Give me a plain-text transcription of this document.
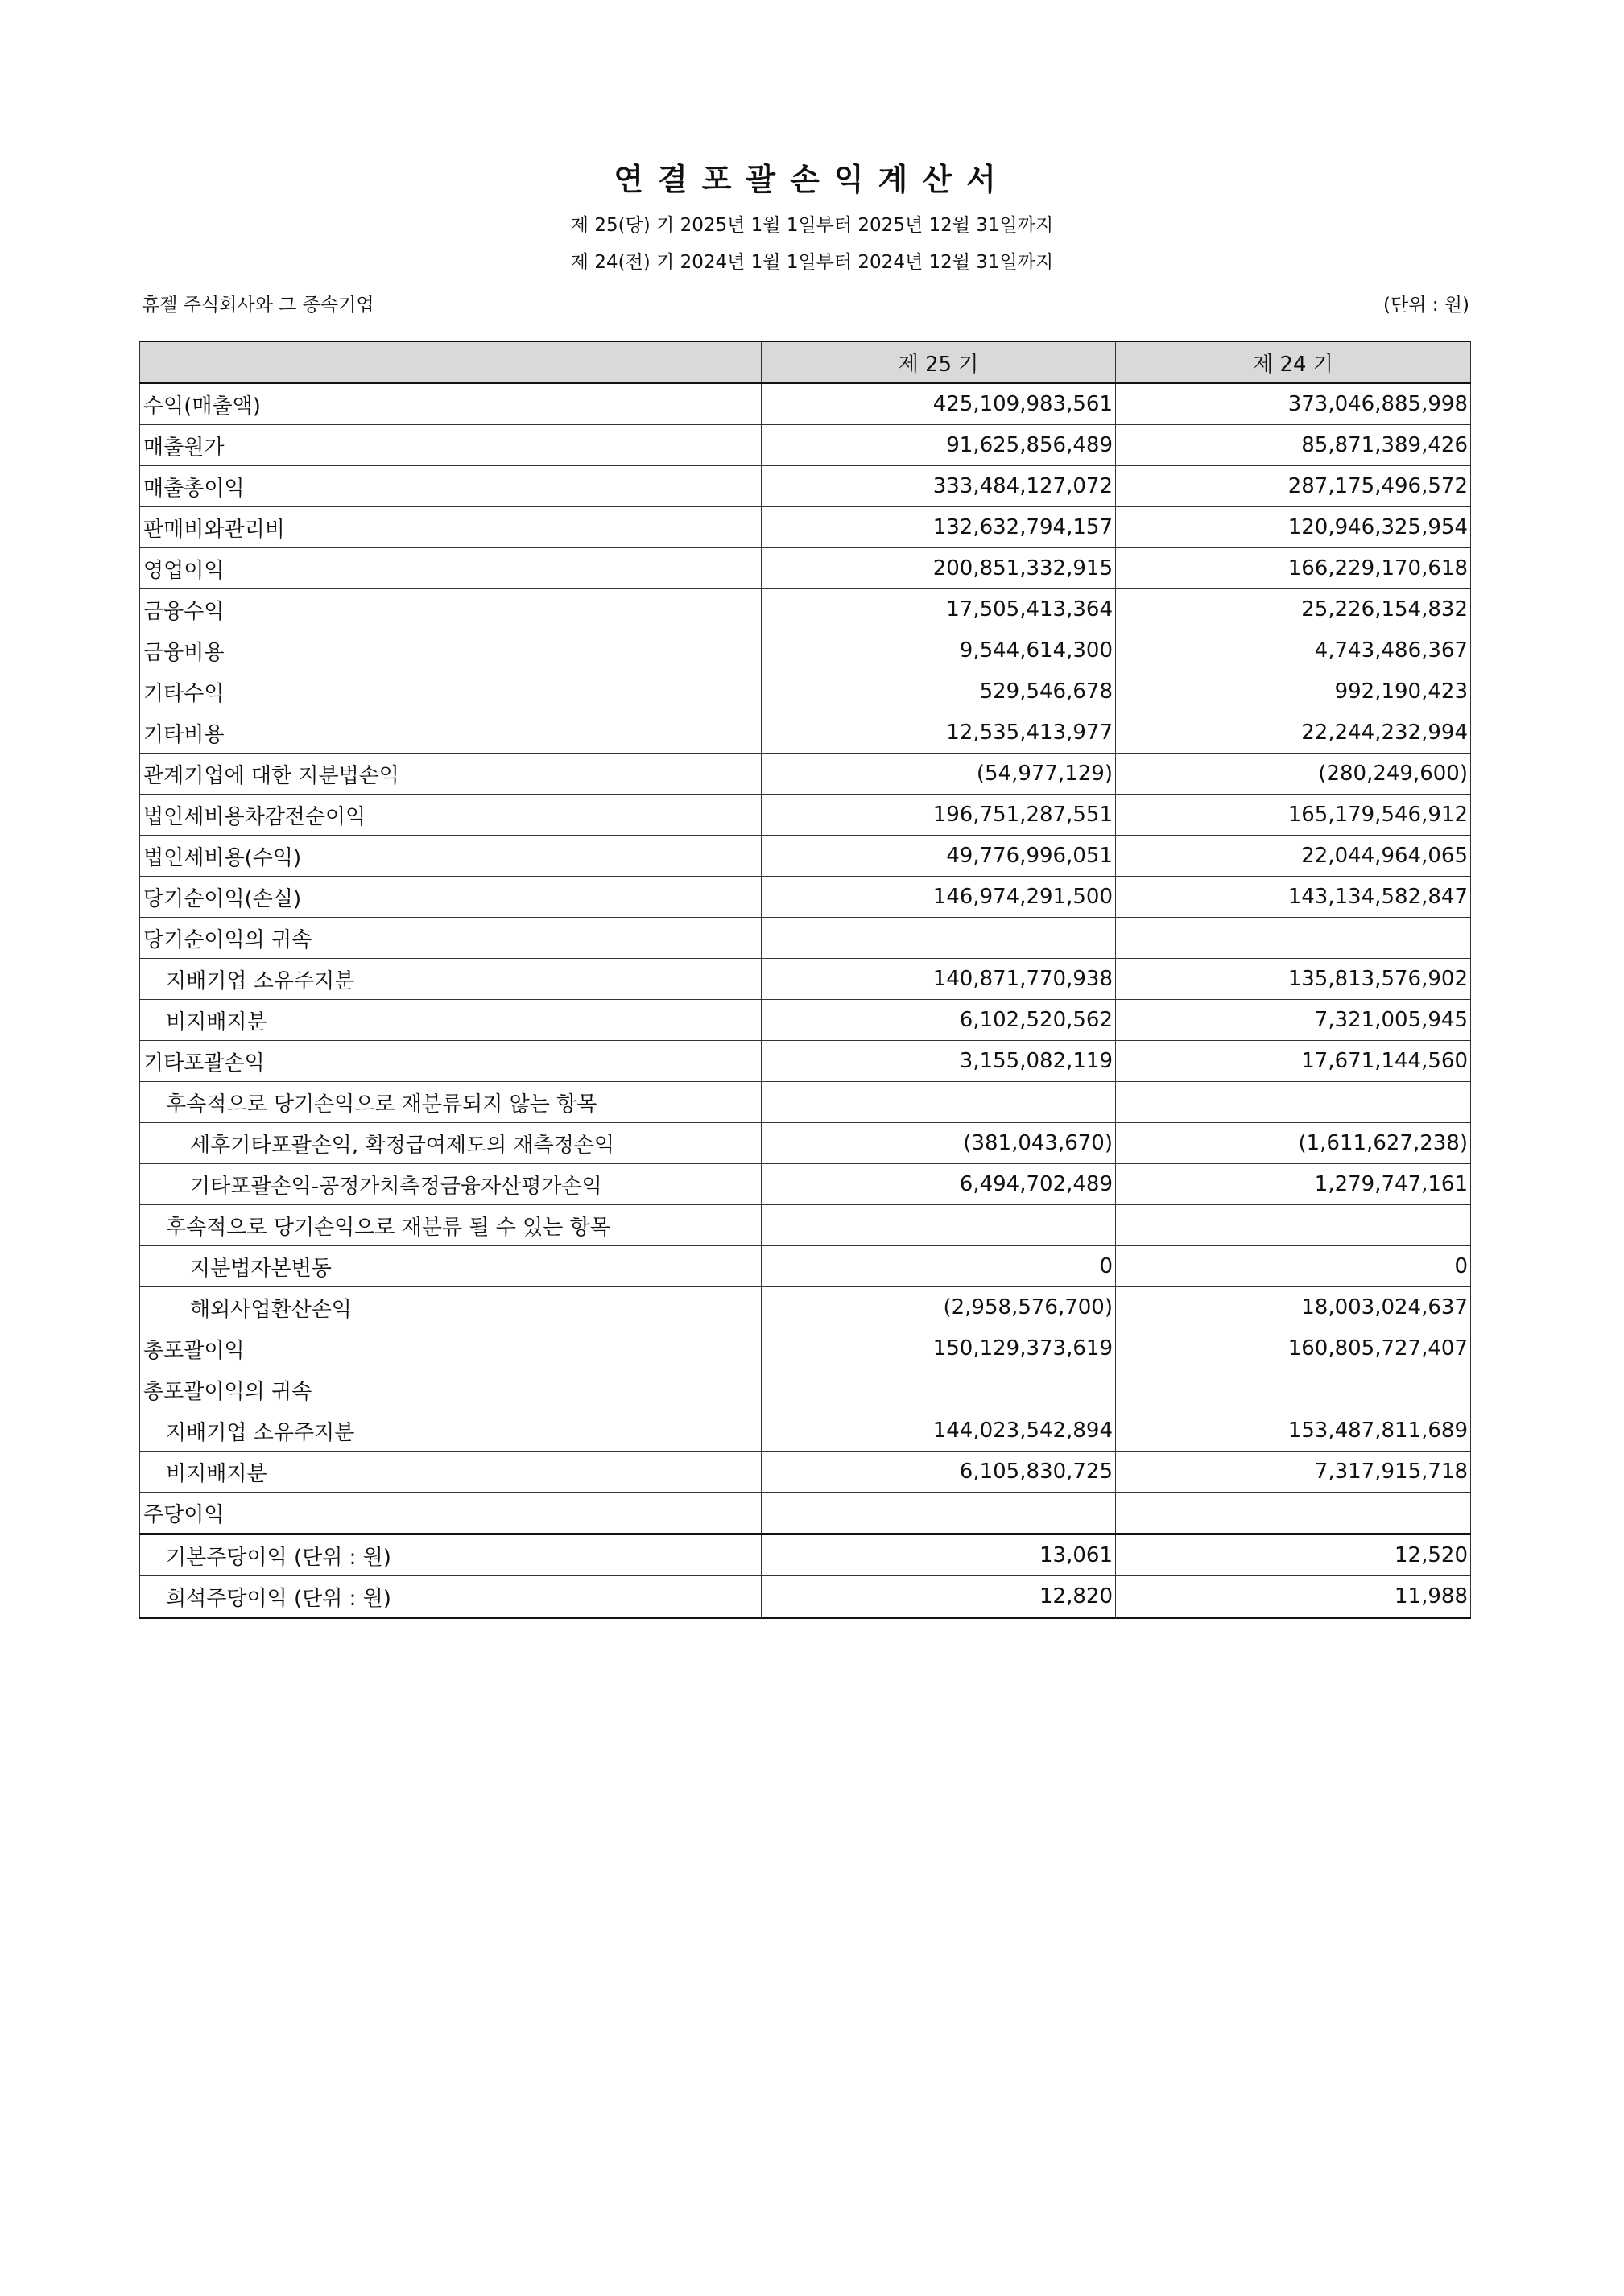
연결포괄손익계산서
제 25(당) 기 2025년 1월 1일부터 2025년 12월 31일까지
제 24(전) 기 2024년 1월 1일부터 2024년 12월 31일까지
휴젤 주식회사와 그 종속기업	(단위 : 원)
	제 25 기	제 24 기
수익(매출액)	425,109,983,561	373,046,885,998
매출원가	91,625,856,489	85,871,389,426
매출총이익	333,484,127,072	287,175,496,572
판매비와관리비	132,632,794,157	120,946,325,954
영업이익	200,851,332,915	166,229,170,618
금융수익	17,505,413,364	25,226,154,832
금융비용	9,544,614,300	4,743,486,367
기타수익	529,546,678	992,190,423
기타비용	12,535,413,977	22,244,232,994
관계기업에 대한 지분법손익	(54,977,129)	(280,249,600)
법인세비용차감전순이익	196,751,287,551	165,179,546,912
법인세비용(수익)	49,776,996,051	22,044,964,065
당기순이익(손실)	146,974,291,500	143,134,582,847
당기순이익의 귀속		
지배기업 소유주지분	140,871,770,938	135,813,576,902
비지배지분	6,102,520,562	7,321,005,945
기타포괄손익	3,155,082,119	17,671,144,560
후속적으로 당기손익으로 재분류되지 않는 항목		
세후기타포괄손익, 확정급여제도의 재측정손익	(381,043,670)	(1,611,627,238)
기타포괄손익-공정가치측정금융자산평가손익	6,494,702,489	1,279,747,161
후속적으로 당기손익으로 재분류 될 수 있는 항목		
지분법자본변동	0	0
해외사업환산손익	(2,958,576,700)	18,003,024,637
총포괄이익	150,129,373,619	160,805,727,407
총포괄이익의 귀속		
지배기업 소유주지분	144,023,542,894	153,487,811,689
비지배지분	6,105,830,725	7,317,915,718
주당이익		
기본주당이익 (단위 : 원)	13,061	12,520
희석주당이익 (단위 : 원)	12,820	11,988
